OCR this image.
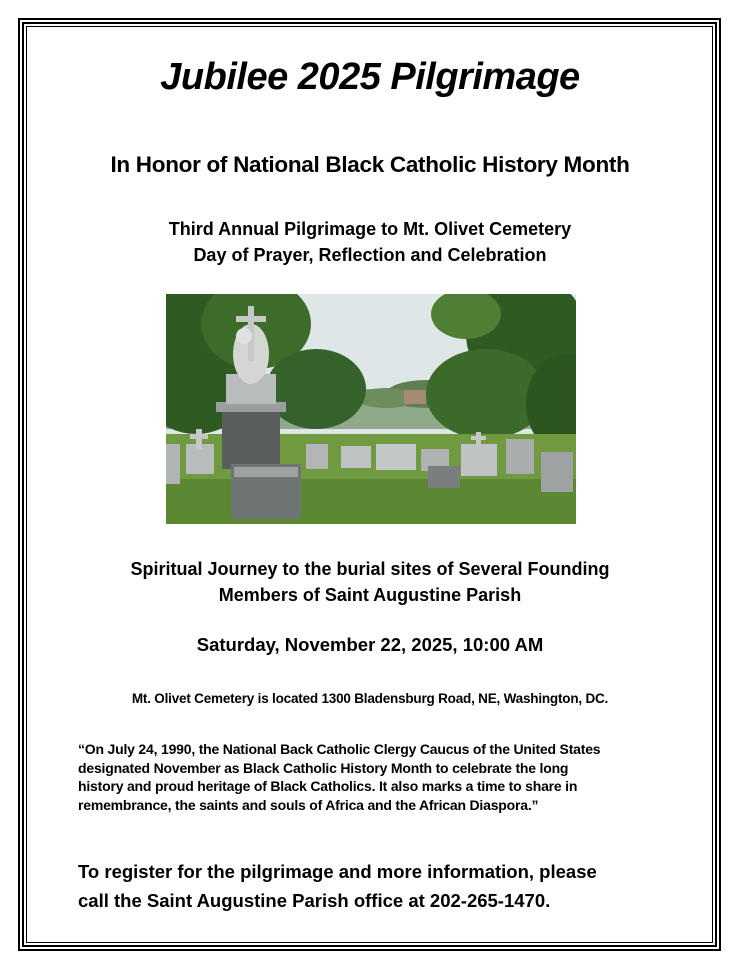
Jubilee 2025 Pilgrimage
In Honor of National Black Catholic History Month
Third Annual Pilgrimage to Mt. Olivet Cemetery
Day of Prayer, Reflection and Celebration
Spiritual Journey to the burial sites of Several Founding
Members of Saint Augustine Parish
Saturday, November 22, 2025, 10:00 AM
Mt. Olivet Cemetery is located 1300 Bladensburg Road, NE, Washington, DC.
“On July 24, 1990, the National Back Catholic Clergy Caucus of the United States
designated November as Black Catholic History Month to celebrate the long
history and proud heritage of Black Catholics. It also marks a time to share in
remembrance, the saints and souls of Africa and the African Diaspora.”
To register for the pilgrimage and more information, please
call the Saint Augustine Parish office at 202-265-1470.
